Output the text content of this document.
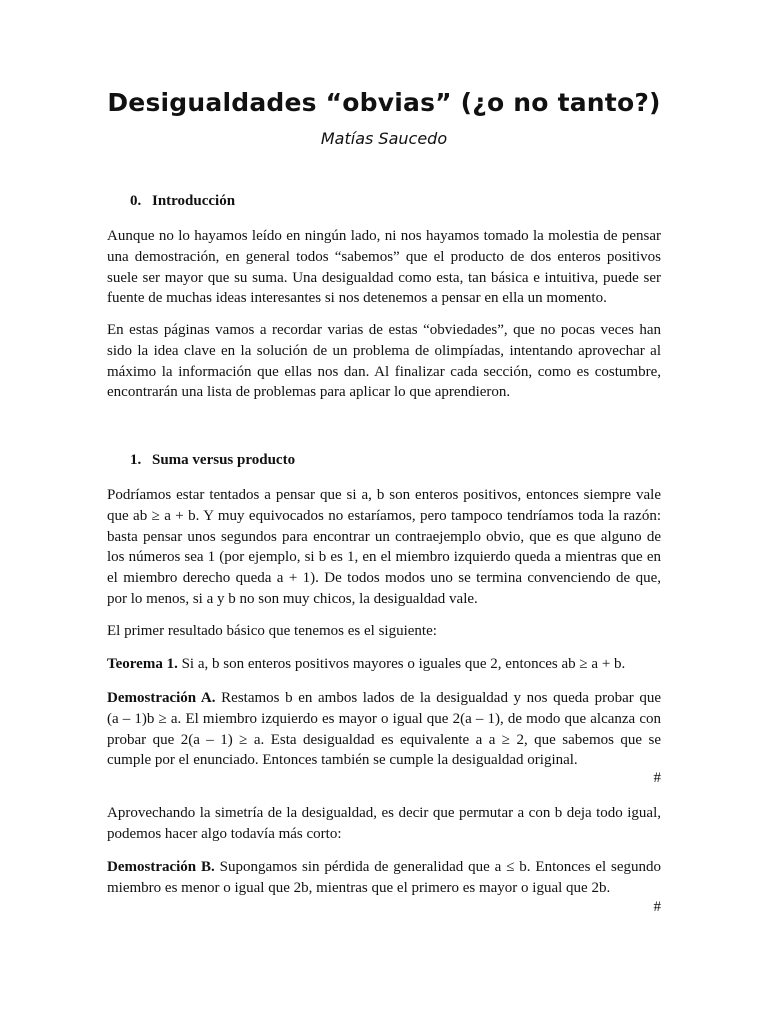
Desigualdades “obvias” (¿o no tanto?)
Matías Saucedo
0. Introducción
Aunque no lo hayamos leído en ningún lado, ni nos hayamos tomado la molestia de pensar
una demostración, en general todos “sabemos” que el producto de dos enteros positivos
suele ser mayor que su suma. Una desigualdad como esta, tan básica e intuitiva, puede ser
fuente de muchas ideas interesantes si nos detenemos a pensar en ella un momento.
En estas páginas vamos a recordar varias de estas “obviedades”, que no pocas veces han
sido la idea clave en la solución de un problema de olimpíadas, intentando aprovechar al
máximo la información que ellas nos dan. Al finalizar cada sección, como es costumbre,
encontrarán una lista de problemas para aplicar lo que aprendieron.
1. Suma versus producto
Podríamos estar tentados a pensar que si a, b son enteros positivos, entonces siempre vale
que ab ≥ a + b. Y muy equivocados no estaríamos, pero tampoco tendríamos toda la razón:
basta pensar unos segundos para encontrar un contraejemplo obvio, que es que alguno de
los números sea 1 (por ejemplo, si b es 1, en el miembro izquierdo queda a mientras que en
el miembro derecho queda a + 1). De todos modos uno se termina convenciendo de que,
por lo menos, si a y b no son muy chicos, la desigualdad vale.
El primer resultado básico que tenemos es el siguiente:
Teorema 1. Si a, b son enteros positivos mayores o iguales que 2, entonces ab ≥ a + b.
Demostración A. Restamos b en ambos lados de la desigualdad y nos queda probar que
(a – 1)b ≥ a. El miembro izquierdo es mayor o igual que 2(a – 1), de modo que alcanza con
probar que 2(a – 1) ≥ a. Esta desigualdad es equivalente a a ≥ 2, que sabemos que se
cumple por el enunciado. Entonces también se cumple la desigualdad original.
#
Aprovechando la simetría de la desigualdad, es decir que permutar a con b deja todo igual,
podemos hacer algo todavía más corto:
Demostración B. Supongamos sin pérdida de generalidad que a ≤ b. Entonces el segundo
miembro es menor o igual que 2b, mientras que el primero es mayor o igual que 2b.
#
